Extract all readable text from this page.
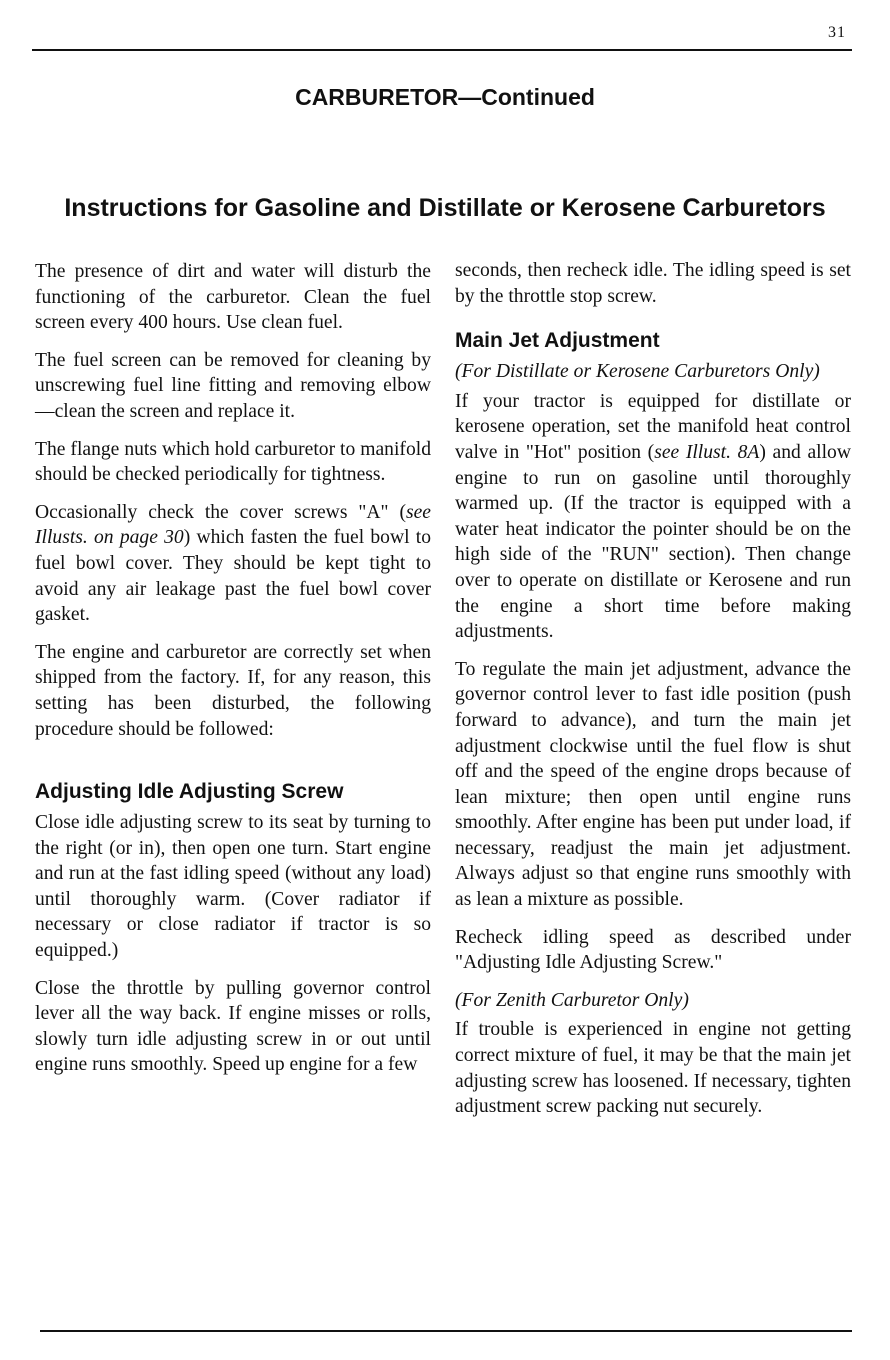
31
CARBURETOR—Continued
Instructions for Gasoline and Distillate or Kerosene Carburetors

The presence of dirt and water will disturb the functioning of the carburetor. Clean the fuel screen every 400 hours. Use clean fuel.

The fuel screen can be removed for cleaning by unscrewing fuel line fitting and removing elbow—clean the screen and replace it.

The flange nuts which hold carburetor to manifold should be checked periodically for tightness.

Occasionally check the cover screws "A" (see Illusts. on page 30) which fasten the fuel bowl to fuel bowl cover. They should be kept tight to avoid any air leakage past the fuel bowl cover gasket.

The engine and carburetor are correctly set when shipped from the factory. If, for any reason, this setting has been disturbed, the following procedure should be followed:

Adjusting Idle Adjusting Screw

Close idle adjusting screw to its seat by turning to the right (or in), then open one turn. Start engine and run at the fast idling speed (without any load) until thoroughly warm. (Cover radiator if necessary or close radiator if tractor is so equipped.)

Close the throttle by pulling governor control lever all the way back. If engine misses or rolls, slowly turn idle adjusting screw in or out until engine runs smoothly. Speed up engine for a few

seconds, then recheck idle. The idling speed is set by the throttle stop screw.

Main Jet Adjustment

(For Distillate or Kerosene Carburetors Only)

If your tractor is equipped for distillate or kerosene operation, set the manifold heat control valve in "Hot" position (see Illust. 8A) and allow engine to run on gasoline until thoroughly warmed up. (If the tractor is equipped with a water heat indicator the pointer should be on the high side of the "RUN" section). Then change over to operate on distillate or Kerosene and run the engine a short time before making adjustments.

To regulate the main jet adjustment, advance the governor control lever to fast idle position (push forward to advance), and turn the main jet adjustment clockwise until the fuel flow is shut off and the speed of the engine drops because of lean mixture; then open until engine runs smoothly. After engine has been put under load, if necessary, readjust the main jet adjustment. Always adjust so that engine runs smoothly with as lean a mixture as possible.

Recheck idling speed as described under "Adjusting Idle Adjusting Screw."

(For Zenith Carburetor Only)

If trouble is experienced in engine not getting correct mixture of fuel, it may be that the main jet adjusting screw has loosened. If necessary, tighten adjustment screw packing nut securely.
